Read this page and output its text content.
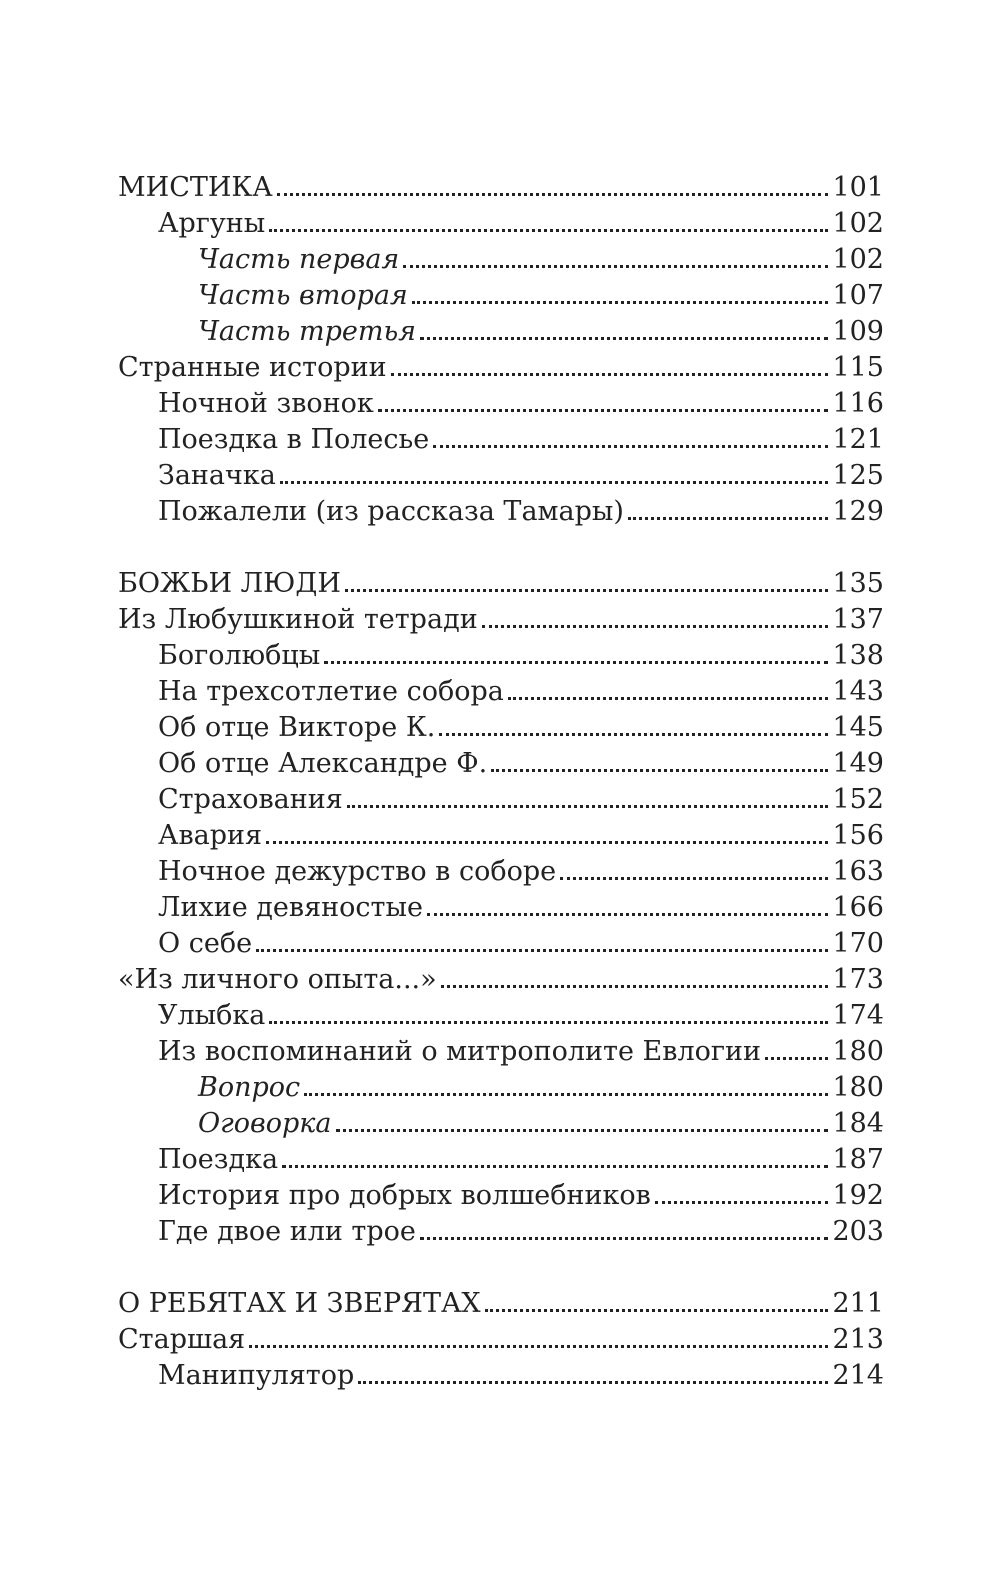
МИСТИКА	101
Аргуны	102
Часть первая	102
Часть вторая	107
Часть третья	109
Странные истории	115
Ночной звонок	116
Поездка в Полесье	121
Заначка	125
Пожалели (из рассказа Тамары)	129
БОЖЬИ ЛЮДИ	135
Из Любушкиной тетради	137
Боголюбцы	138
На трехсотлетие собора	143
Об отце Викторе К.	145
Об отце Александре Ф.	149
Страхования	152
Авария	156
Ночное дежурство в соборе	163
Лихие девяностые	166
О себе	170
«Из личного опыта...»	173
Улыбка	174
Из воспоминаний о митрополите Евлогии	180
Вопрос	180
Оговорка	184
Поездка	187
История про добрых волшебников	192
Где двое или трое	203
О РЕБЯТАХ И ЗВЕРЯТАХ	211
Старшая	213
Манипулятор	214
